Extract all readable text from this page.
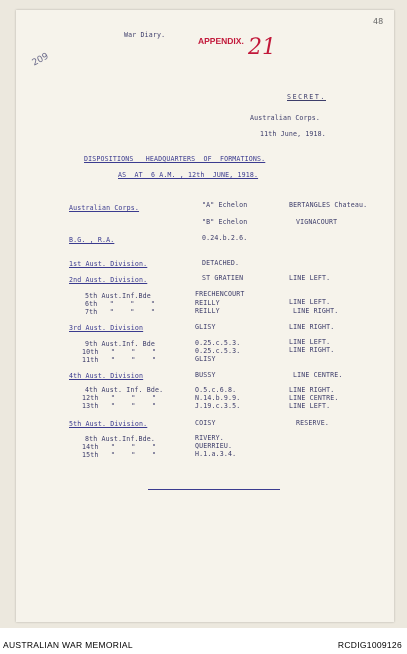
48
209
APPENDIX. 21
War Diary.
SECRET.
Australian Corps.
11th June, 1918.
DISPOSITIONS   HEADQUARTERS  OF  FORMATIONS.
AS  AT  6 A.M. , 12th  JUNE, 1918.
Australian Corps.	"A" Echelon	BERTANGLES Chateau.
"B" Echelon	VIGNACOURT
B.G. , R.A.	0.24.b.2.6.
1st Aust. Division.	DETACHED.
2nd Aust. Division.	ST GRATIEN	LINE LEFT.
5th Aust.Inf.Bde	FRECHENCOURT
6th   "    "    "	REILLY	LINE LEFT.
7th   "    "    "	REILLY	LINE RIGHT.
3rd Aust. Division	GLISY	LINE RIGHT.
9th Aust.Inf. Bde	0.25.c.5.3.	LINE LEFT.
10th   "    "    "	0.25.c.5.3.	LINE RIGHT.
11th   "    "    "	GLISY
4th Aust. Division	BUSSY	LINE CENTRE.
4th Aust. Inf. Bde.	O.5.c.6.8.	LINE RIGHT.
12th   "    "    "	N.14.b.9.9.	LINE CENTRE.
13th   "    "    "	J.19.c.3.5.	LINE LEFT.
5th Aust. Division.	COISY	RESERVE.
8th Aust.Inf.Bde.	RIVERY.
14th   "    "    "	QUERRIEU.
15th   "    "    "	H.1.a.3.4.
AUSTRALIAN WAR MEMORIAL	RCDIG1009126
